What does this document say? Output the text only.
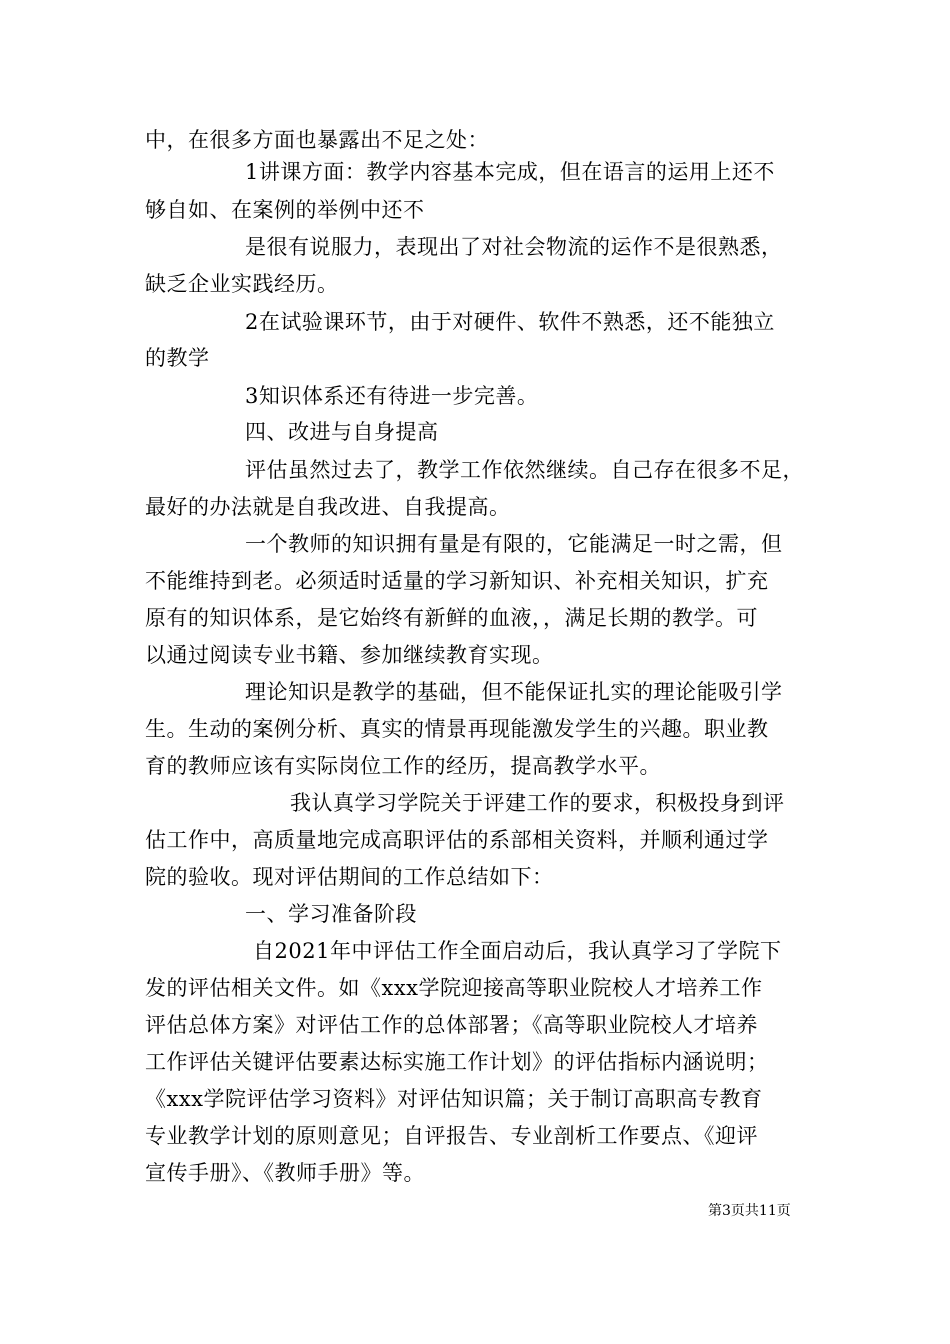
中，在很多方面也暴露出不足之处：
1讲课方面：教学内容基本完成，但在语言的运用上还不
够自如、在案例的举例中还不
是很有说服力，表现出了对社会物流的运作不是很熟悉，
缺乏企业实践经历。
2在试验课环节，由于对硬件、软件不熟悉，还不能独立
的教学
3知识体系还有待进一步完善。
四、改进与自身提高
评估虽然过去了，教学工作依然继续。自己存在很多不足，
最好的办法就是自我改进、自我提高。
一个教师的知识拥有量是有限的，它能满足一时之需，但
不能维持到老。必须适时适量的学习新知识、补充相关知识，扩充
原有的知识体系，是它始终有新鲜的血液，，满足长期的教学。可
以通过阅读专业书籍、参加继续教育实现。
理论知识是教学的基础，但不能保证扎实的理论能吸引学
生。生动的案例分析、真实的情景再现能激发学生的兴趣。职业教
育的教师应该有实际岗位工作的经历，提高教学水平。
我认真学习学院关于评建工作的要求，积极投身到评
估工作中，高质量地完成高职评估的系部相关资料，并顺利通过学
院的验收。现对评估期间的工作总结如下：
一、学习准备阶段
自2021年中评估工作全面启动后，我认真学习了学院下
发的评估相关文件。如《xxx学院迎接高等职业院校人才培养工作
评估总体方案》对评估工作的总体部署；《高等职业院校人才培养
工作评估关键评估要素达标实施工作计划》的评估指标内涵说明；
《xxx学院评估学习资料》对评估知识篇；关于制订高职高专教育
专业教学计划的原则意见；自评报告、专业剖析工作要点、《迎评
宣传手册》、《教师手册》等。
第3页共11页
